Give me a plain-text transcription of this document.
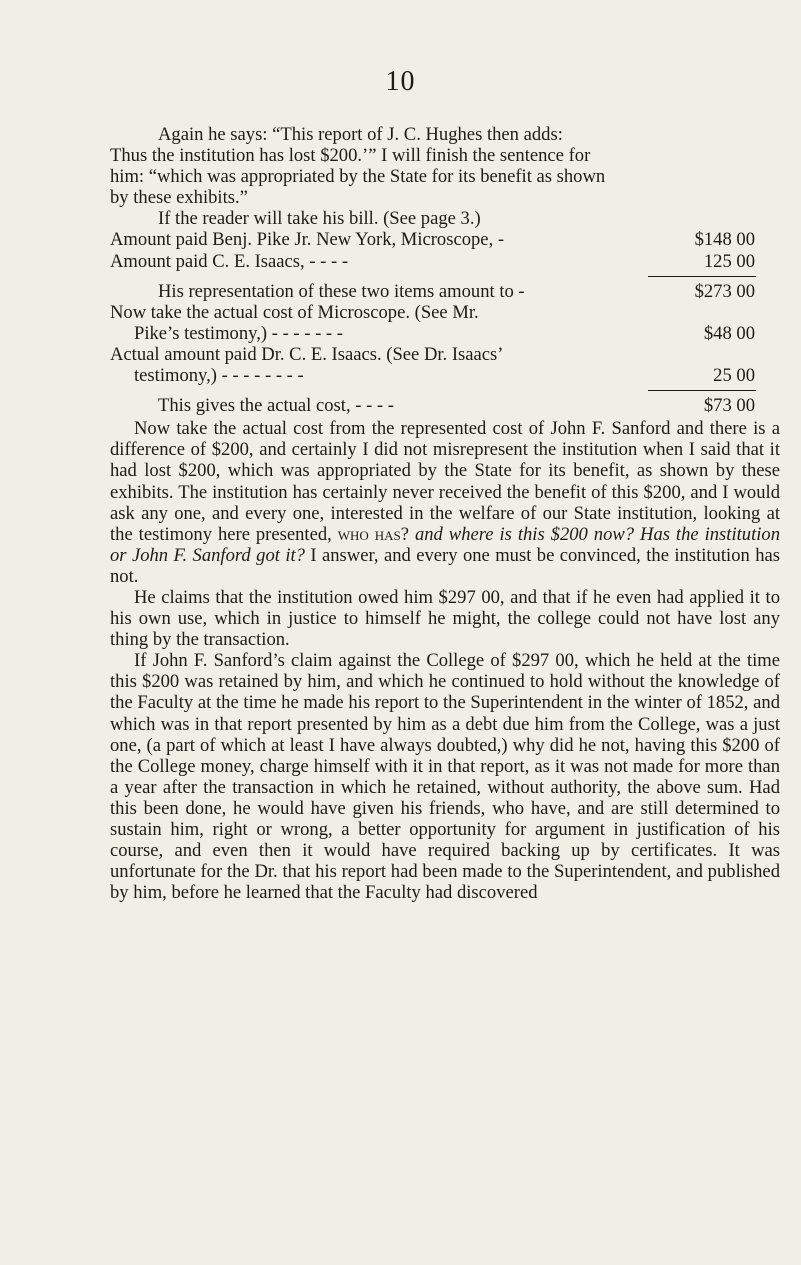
10
Again he says: “This report of J. C. Hughes then adds:
Thus the institution has lost $200.’” I will finish the sentence for
him: “which was appropriated by the State for its benefit as shown
by these exhibits.”
If the reader will take his bill. (See page 3.)
Amount paid Benj. Pike Jr. New York, Microscope, -	$148 00
Amount paid C. E. Isaacs, - - - -	125 00
His representation of these two items amount to -	$273 00
Now take the actual cost of Microscope. (See Mr.
Pike’s testimony,) - - - - - - -	$48 00
Actual amount paid Dr. C. E. Isaacs. (See Dr. Isaacs’
testimony,) - - - - - - - -	25 00
This gives the actual cost, - - - -	$73 00

Now take the actual cost from the represented cost of John F. Sanford and there is a difference of $200, and certainly I did not misrepresent the institution when I said that it had lost $200, which was appropriated by the State for its benefit, as shown by these exhibits. The institution has certainly never received the benefit of this $200, and I would ask any one, and every one, interested in the welfare of our State institution, looking at the testimony here presented, who has? and where is this $200 now? Has the institution or John F. Sanford got it? I answer, and every one must be convinced, the institution has not.

He claims that the institution owed him $297 00, and that if he even had applied it to his own use, which in justice to himself he might, the college could not have lost any thing by the transaction.

If John F. Sanford’s claim against the College of $297 00, which he held at the time this $200 was retained by him, and which he continued to hold without the knowledge of the Faculty at the time he made his report to the Superintendent in the winter of 1852, and which was in that report presented by him as a debt due him from the College, was a just one, (a part of which at least I have always doubted,) why did he not, having this $200 of the College money, charge himself with it in that report, as it was not made for more than a year after the transaction in which he retained, without authority, the above sum. Had this been done, he would have given his friends, who have, and are still determined to sustain him, right or wrong, a better opportunity for argument in justification of his course, and even then it would have required backing up by certificates. It was unfortunate for the Dr. that his report had been made to the Superintendent, and published by him, before he learned that the Faculty had discovered
